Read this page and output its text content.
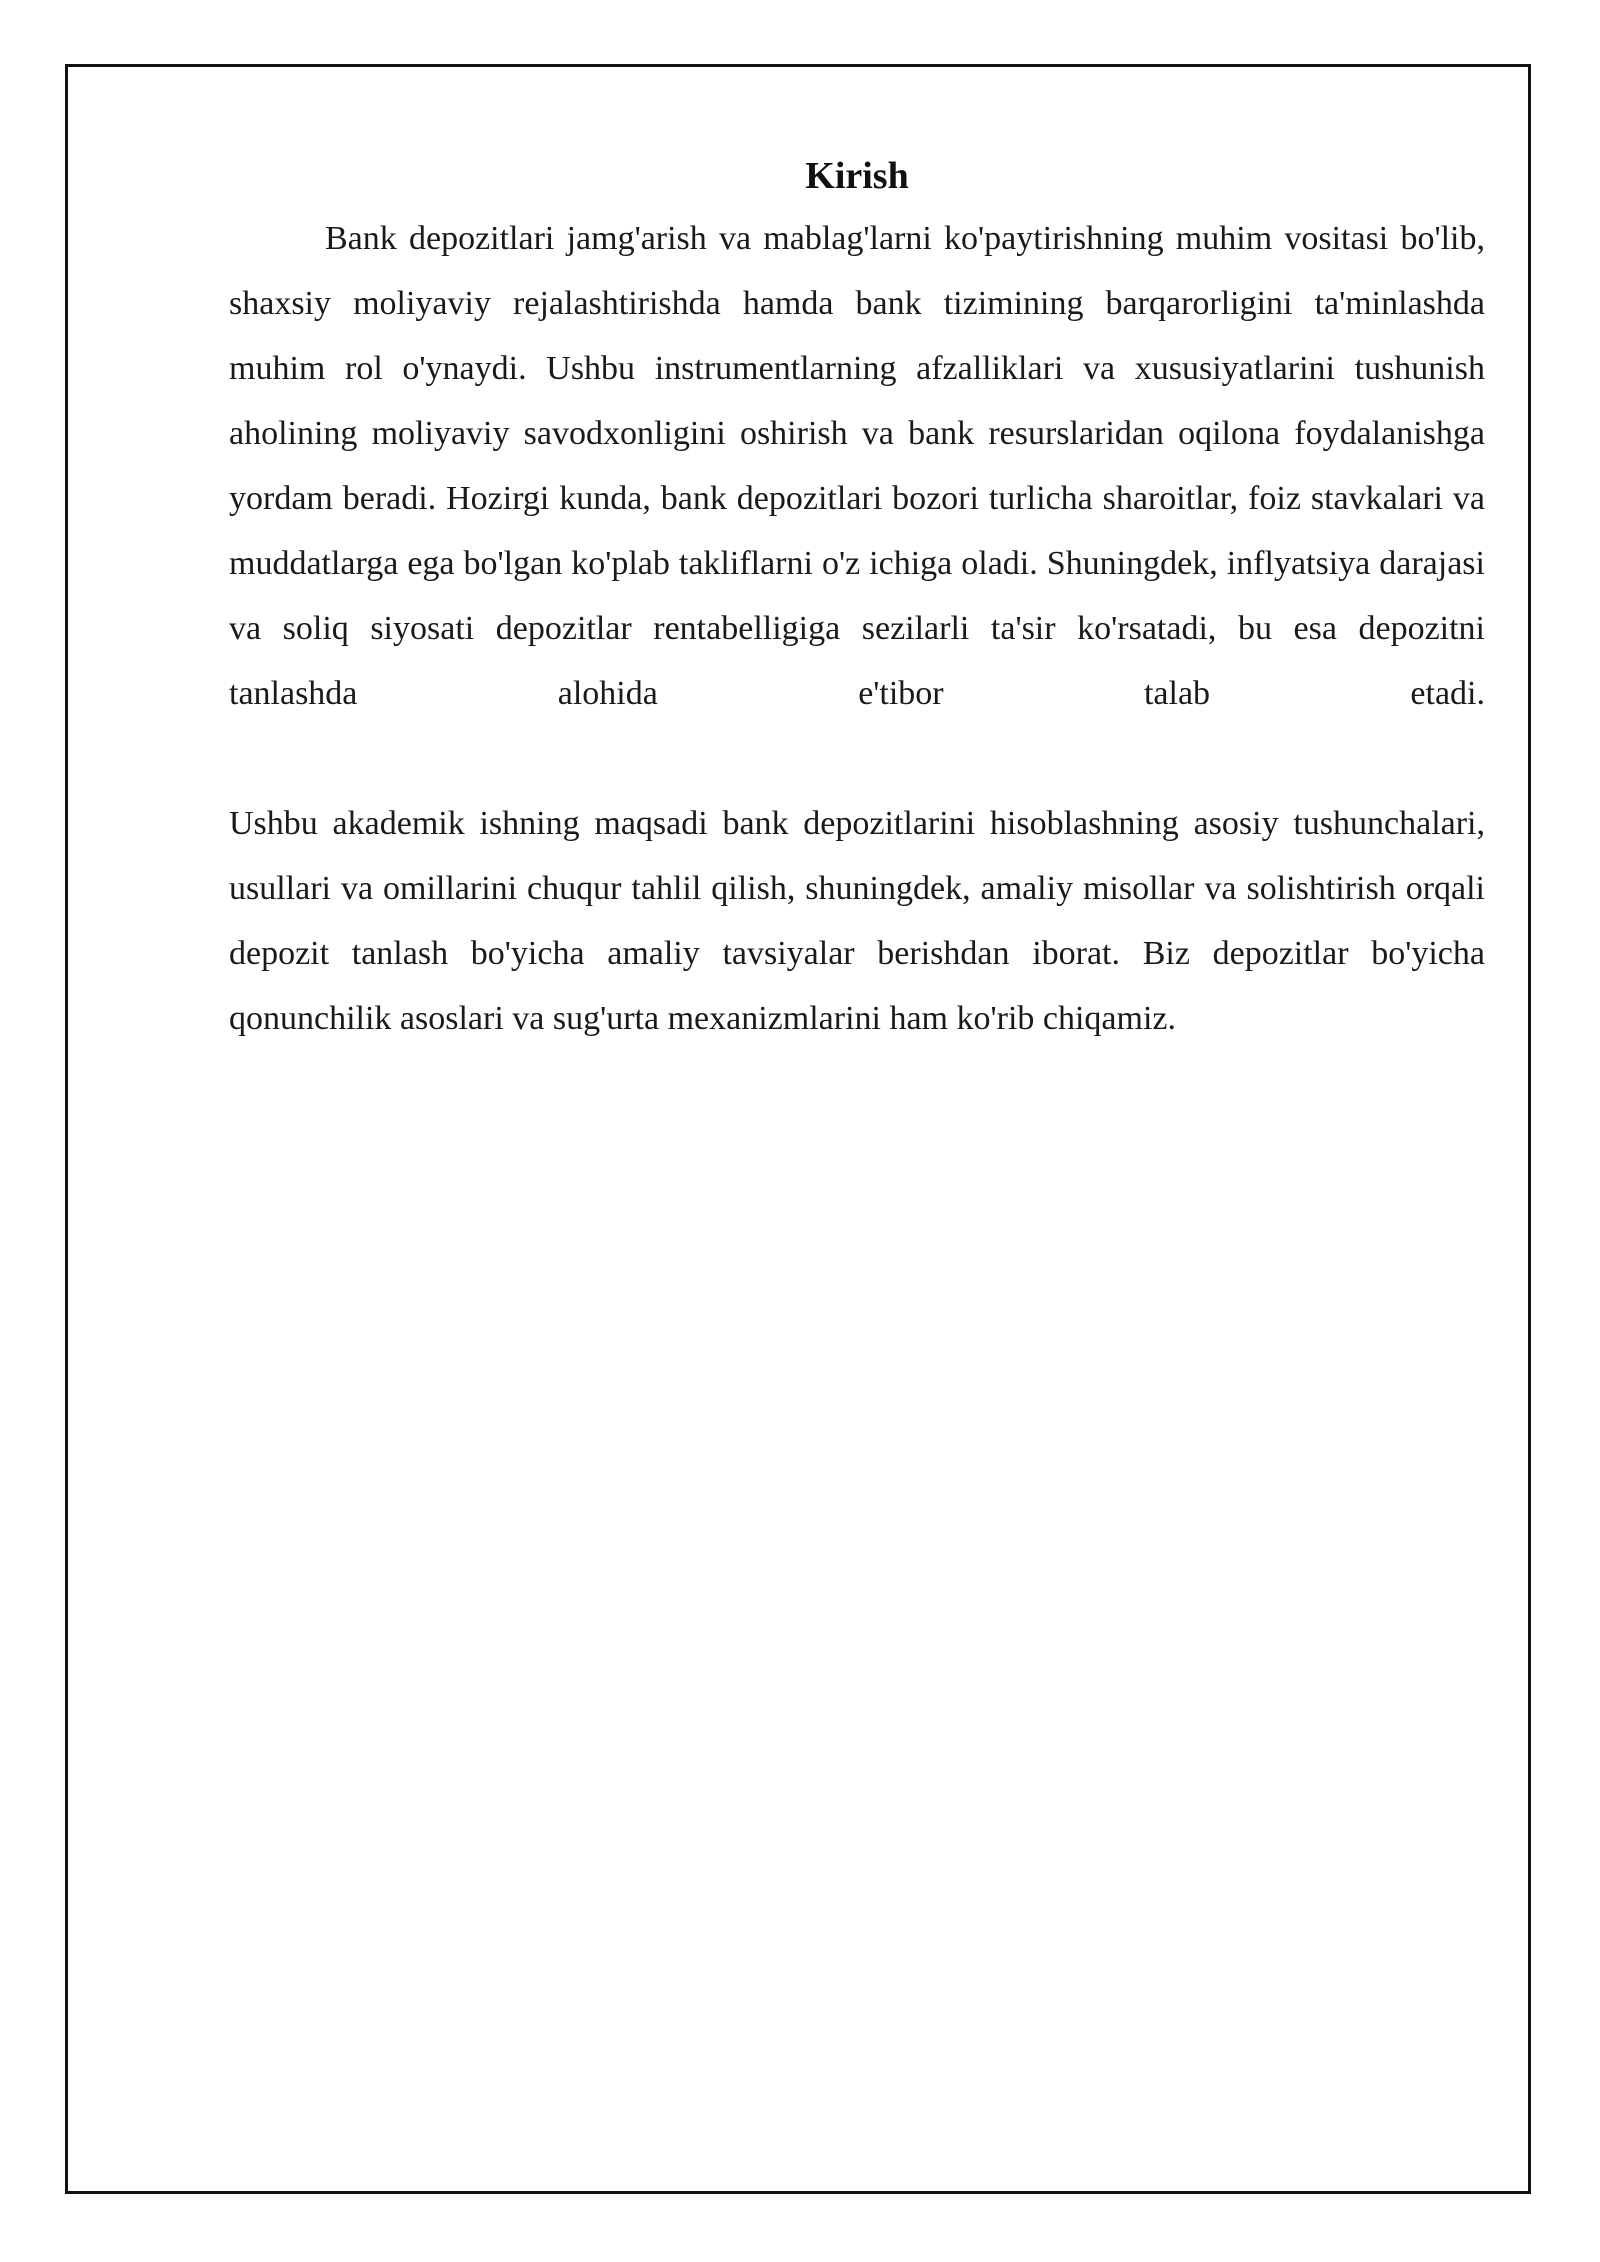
Kirish

Bank depozitlari jamg'arish va mablag'larni ko'paytirishning muhim vositasi bo'lib, shaxsiy moliyaviy rejalashtirishda hamda bank tizimining barqarorligini ta'minlashda muhim rol o'ynaydi. Ushbu instrumentlarning afzalliklari va xususiyatlarini tushunish aholining moliyaviy savodxonligini oshirish va bank resurslaridan oqilona foydalanishga yordam beradi. Hozirgi kunda, bank depozitlari bozori turlicha sharoitlar, foiz stavkalari va muddatlarga ega bo'lgan ko'plab takliflarni o'z ichiga oladi. Shuningdek, inflyatsiya darajasi va soliq siyosati depozitlar rentabelligiga sezilarli ta'sir ko'rsatadi, bu esa depozitni tanlashda alohida e'tibor talab etadi.

Ushbu akademik ishning maqsadi bank depozitlarini hisoblashning asosiy tushunchalari, usullari va omillarini chuqur tahlil qilish, shuningdek, amaliy misollar va solishtirish orqali depozit tanlash bo'yicha amaliy tavsiyalar berishdan iborat. Biz depozitlar bo'yicha qonunchilik asoslari va sug'urta mexanizmlarini ham ko'rib chiqamiz.
